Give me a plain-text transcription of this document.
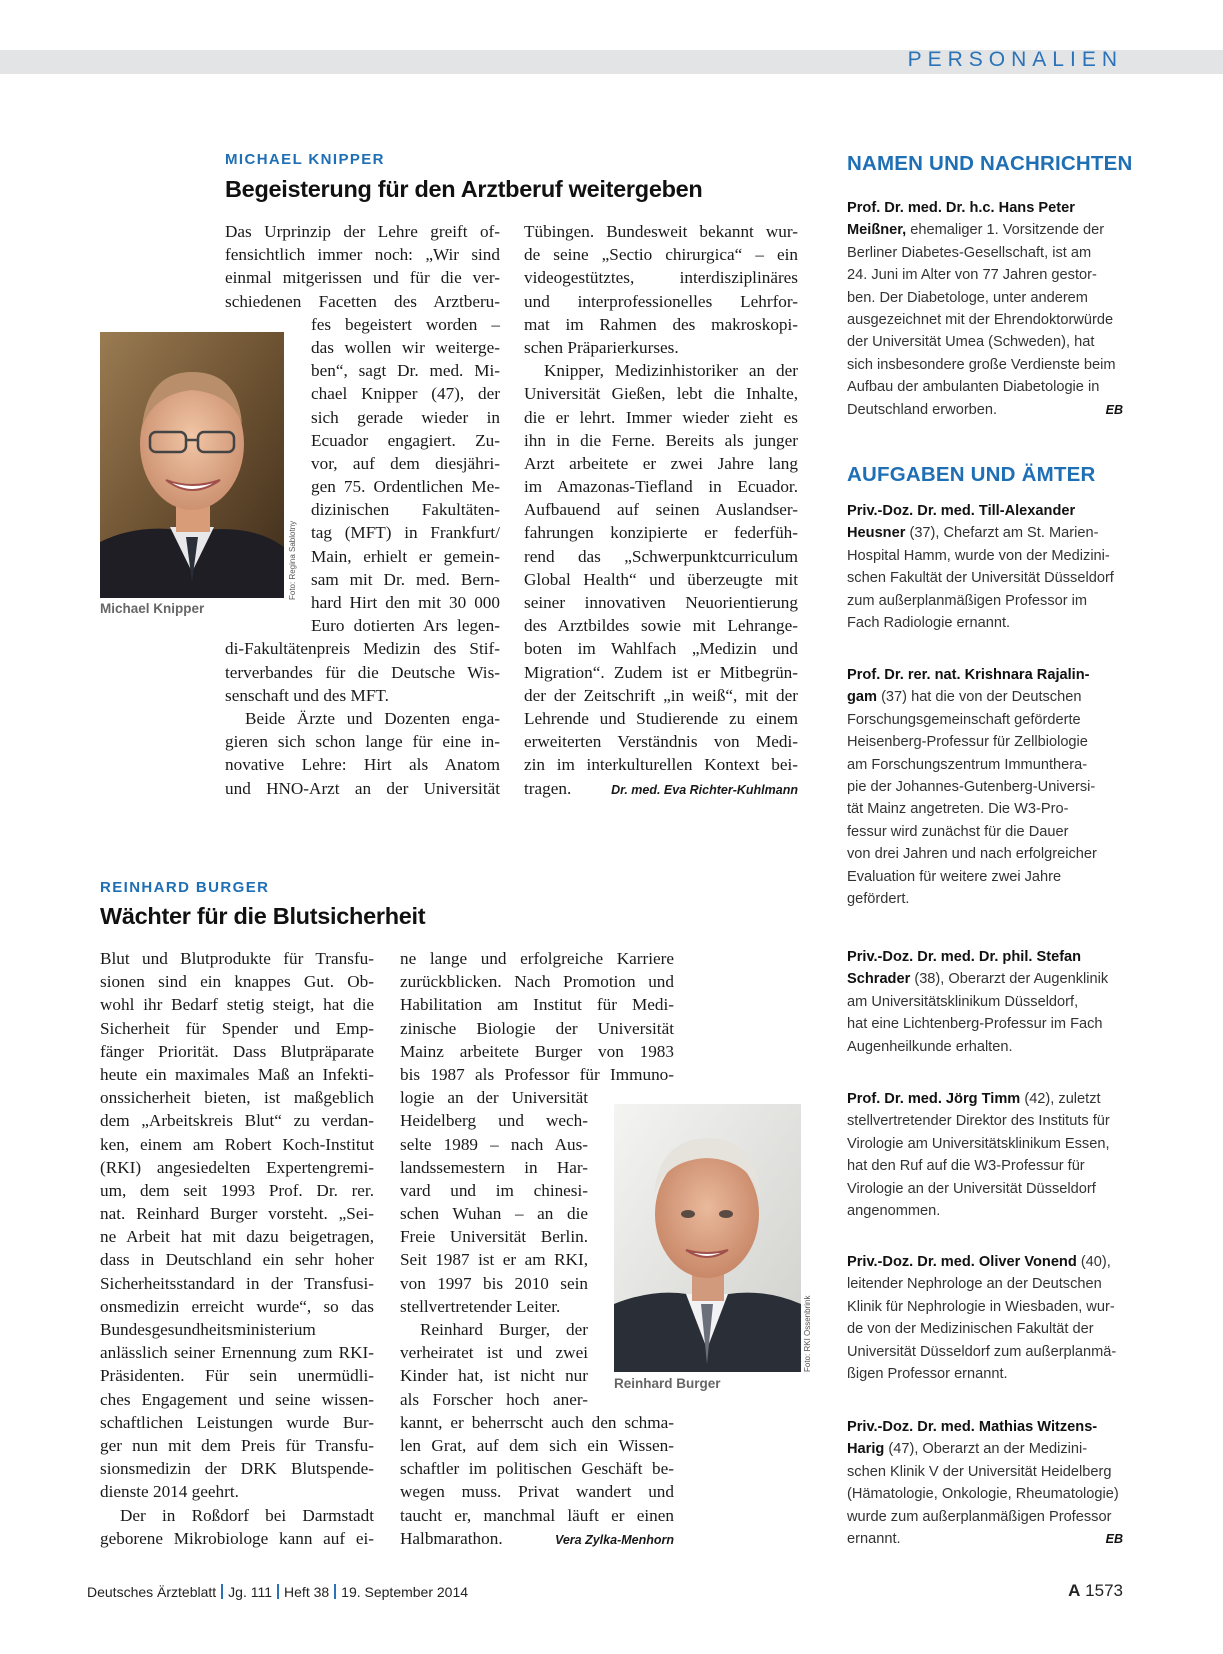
PERSONALIEN
MICHAEL KNIPPER
Begeisterung für den Arztberuf weitergeben
Foto: Regina Sablotny
Michael Knipper
Das Urprinzip der Lehre greift of-
fensichtlich immer noch: „Wir sind
einmal mitgerissen und für die ver-
schiedenen Facetten des Arztberu-
fes begeistert worden –
das wollen wir weiterge-
ben“, sagt Dr. med. Mi-
chael Knipper (47), der
sich gerade wieder in
Ecuador engagiert. Zu-
vor, auf dem diesjähri-
gen 75. Ordentlichen Me-
dizinischen Fakultäten-
tag (MFT) in Frankfurt/
Main, erhielt er gemein-
sam mit Dr. med. Bern-
hard Hirt den mit 30 000
Euro dotierten Ars legen-
di-Fakultätenpreis Medizin des Stif-
terverbandes für die Deutsche Wis-
senschaft und des MFT.
Beide Ärzte und Dozenten enga-
gieren sich schon lange für eine in-
novative Lehre: Hirt als Anatom
und HNO-Arzt an der Universität
Tübingen. Bundesweit bekannt wur-
de seine „Sectio chirurgica“ – ein
videogestütztes, interdisziplinäres
und interprofessionelles Lehrfor-
mat im Rahmen des makroskopi-
schen Präparierkurses.
Knipper, Medizinhistoriker an der
Universität Gießen, lebt die Inhalte,
die er lehrt. Immer wieder zieht es
ihn in die Ferne. Bereits als junger
Arzt arbeitete er zwei Jahre lang
im Amazonas-Tiefland in Ecuador.
Aufbauend auf seinen Auslandser-
fahrungen konzipierte er federfüh-
rend das „Schwerpunktcurriculum
Global Health“ und überzeugte mit
seiner innovativen Neuorientierung
des Arztbildes sowie mit Lehrange-
boten im Wahlfach „Medizin und
Migration“. Zudem ist er Mitbegrün-
der der Zeitschrift „in weiß“, mit der
Lehrende und Studierende zu einem
erweiterten Verständnis von Medi-
zin im interkulturellen Kontext bei-
tragen.	Dr. med. Eva Richter-Kuhlmann
REINHARD BURGER
Wächter für die Blutsicherheit
Blut und Blutprodukte für Transfu-
sionen sind ein knappes Gut. Ob-
wohl ihr Bedarf stetig steigt, hat die
Sicherheit für Spender und Emp-
fänger Priorität. Dass Blutpräparate
heute ein maximales Maß an Infekti-
onssicherheit bieten, ist maßgeblich
dem „Arbeitskreis Blut“ zu verdan-
ken, einem am Robert Koch-Institut
(RKI) angesiedelten Expertengremi-
um, dem seit 1993 Prof. Dr. rer.
nat. Reinhard Burger vorsteht. „Sei-
ne Arbeit hat mit dazu beigetragen,
dass in Deutschland ein sehr hoher
Sicherheitsstandard in der Transfusi-
onsmedizin erreicht wurde“, so das
Bundesgesundheitsministerium
anlässlich seiner Ernennung zum RKI-
Präsidenten. Für sein unermüdli-
ches Engagement und seine wissen-
schaftlichen Leistungen wurde Bur-
ger nun mit dem Preis für Transfu-
sionsmedizin der DRK Blutspende-
dienste 2014 geehrt.
Der in Roßdorf bei Darmstadt
geborene Mikrobiologe kann auf ei-
ne lange und erfolgreiche Karriere
zurückblicken. Nach Promotion und
Habilitation am Institut für Medi-
zinische Biologie der Universität
Mainz arbeitete Burger von 1983
bis 1987 als Professor für Immuno-
logie an der Universität
Heidelberg und wech-
selte 1989 – nach Aus-
landssemestern in Har-
vard und im chinesi-
schen Wuhan – an die
Freie Universität Berlin.
Seit 1987 ist er am RKI,
von 1997 bis 2010 sein
stellvertretender Leiter.
Reinhard Burger, der
verheiratet ist und zwei
Kinder hat, ist nicht nur
als Forscher hoch aner-
kannt, er beherrscht auch den schma-
len Grat, auf dem sich ein Wissen-
schaftler im politischen Geschäft be-
wegen muss. Privat wandert und
taucht er, manchmal läuft er einen
Halbmarathon.	Vera Zylka-Menhorn
Foto: RKI Ossenbrink
Reinhard Burger
NAMEN UND NACHRICHTEN
Prof. Dr. med. Dr. h.c. Hans Peter
Meißner, ehemaliger 1. Vorsitzende der
Berliner Diabetes-Gesellschaft, ist am
24. Juni im Alter von 77 Jahren gestor-
ben. Der Diabetologe, unter anderem
ausgezeichnet mit der Ehrendoktorwürde
der Universität Umea (Schweden), hat
sich insbesondere große Verdienste beim
Aufbau der ambulanten Diabetologie in
Deutschland erworben.	EB
AUFGABEN UND ÄMTER
Priv.-Doz. Dr. med. Till-Alexander
Heusner (37), Chefarzt am St. Marien-
Hospital Hamm, wurde von der Medizini-
schen Fakultät der Universität Düsseldorf
zum außerplanmäßigen Professor im
Fach Radiologie ernannt.
Prof. Dr. rer. nat. Krishnara Rajalin-
gam (37) hat die von der Deutschen
Forschungsgemeinschaft geförderte
Heisenberg-Professur für Zellbiologie
am Forschungszentrum Immunthera-
pie der Johannes-Gutenberg-Universi-
tät Mainz angetreten. Die W3-Pro-
fessur wird zunächst für die Dauer
von drei Jahren und nach erfolgreicher
Evaluation für weitere zwei Jahre
gefördert.
Priv.-Doz. Dr. med. Dr. phil. Stefan
Schrader (38), Oberarzt der Augenklinik
am Universitätsklinikum Düsseldorf,
hat eine Lichtenberg-Professur im Fach
Augenheilkunde erhalten.
Prof. Dr. med. Jörg Timm (42), zuletzt
stellvertretender Direktor des Instituts für
Virologie am Universitätsklinikum Essen,
hat den Ruf auf die W3-Professur für
Virologie an der Universität Düsseldorf
angenommen.
Priv.-Doz. Dr. med. Oliver Vonend (40),
leitender Nephrologe an der Deutschen
Klinik für Nephrologie in Wiesbaden, wur-
de von der Medizinischen Fakultät der
Universität Düsseldorf zum außerplanmä-
ßigen Professor ernannt.
Priv.-Doz. Dr. med. Mathias Witzens-
Harig (47), Oberarzt an der Medizini-
schen Klinik V der Universität Heidelberg
(Hämatologie, Onkologie, Rheumatologie)
wurde zum außerplanmäßigen Professor
ernannt.	EB
Deutsches Ärzteblatt Jg. 111 Heft 38 19. September 2014	A 1573
